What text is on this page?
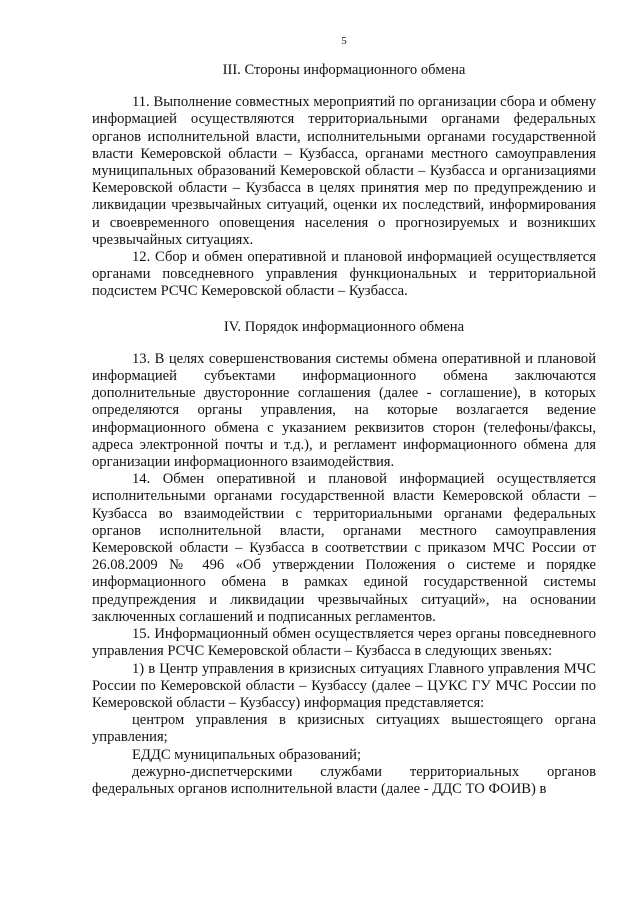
5
III. Стороны информационного обмена

11. Выполнение совместных мероприятий по организации сбора и обмену информацией осуществляются территориальными органами федеральных органов исполнительной власти, исполнительными органами государственной власти Кемеровской области – Кузбасса, органами местного самоуправления муниципальных образований Кемеровской области – Кузбасса и организациями Кемеровской области – Кузбасса в целях принятия мер по предупреждению и ликвидации чрезвычайных ситуаций, оценки их последствий, информирования и своевременного оповещения населения о прогнозируемых и возникших чрезвычайных ситуациях.

12. Сбор и обмен оперативной и плановой информацией осуществляется органами повседневного управления функциональных и территориальной подсистем РСЧС Кемеровской области – Кузбасса.

IV. Порядок информационного обмена

13. В целях совершенствования системы обмена оперативной и плановой информацией субъектами информационного обмена заключаются дополнительные двусторонние соглашения (далее - соглашение), в которых определяются органы управления, на которые возлагается ведение информационного обмена с указанием реквизитов сторон (телефоны/факсы, адреса электронной почты и т.д.), и регламент информационного обмена для организации информационного взаимодействия.

14. Обмен оперативной и плановой информацией осуществляется исполнительными органами государственной власти Кемеровской области – Кузбасса во взаимодействии с территориальными органами федеральных органов исполнительной власти, органами местного самоуправления Кемеровской области – Кузбасса в соответствии с приказом МЧС России от 26.08.2009 № 496 «Об утверждении Положения о системе и порядке информационного обмена в рамках единой государственной системы предупреждения и ликвидации чрезвычайных ситуаций», на основании заключенных соглашений и подписанных регламентов.

15. Информационный обмен осуществляется через органы повседневного управления РСЧС Кемеровской области – Кузбасса в следующих звеньях:

1) в Центр управления в кризисных ситуациях Главного управления МЧС России по Кемеровской области – Кузбассу (далее – ЦУКС ГУ МЧС России по Кемеровской области – Кузбассу) информация представляется:

центром управления в кризисных ситуациях вышестоящего органа управления;

ЕДДС муниципальных образований;

дежурно-диспетчерскими службами территориальных органов федеральных органов исполнительной власти (далее - ДДС ТО ФОИВ) в
